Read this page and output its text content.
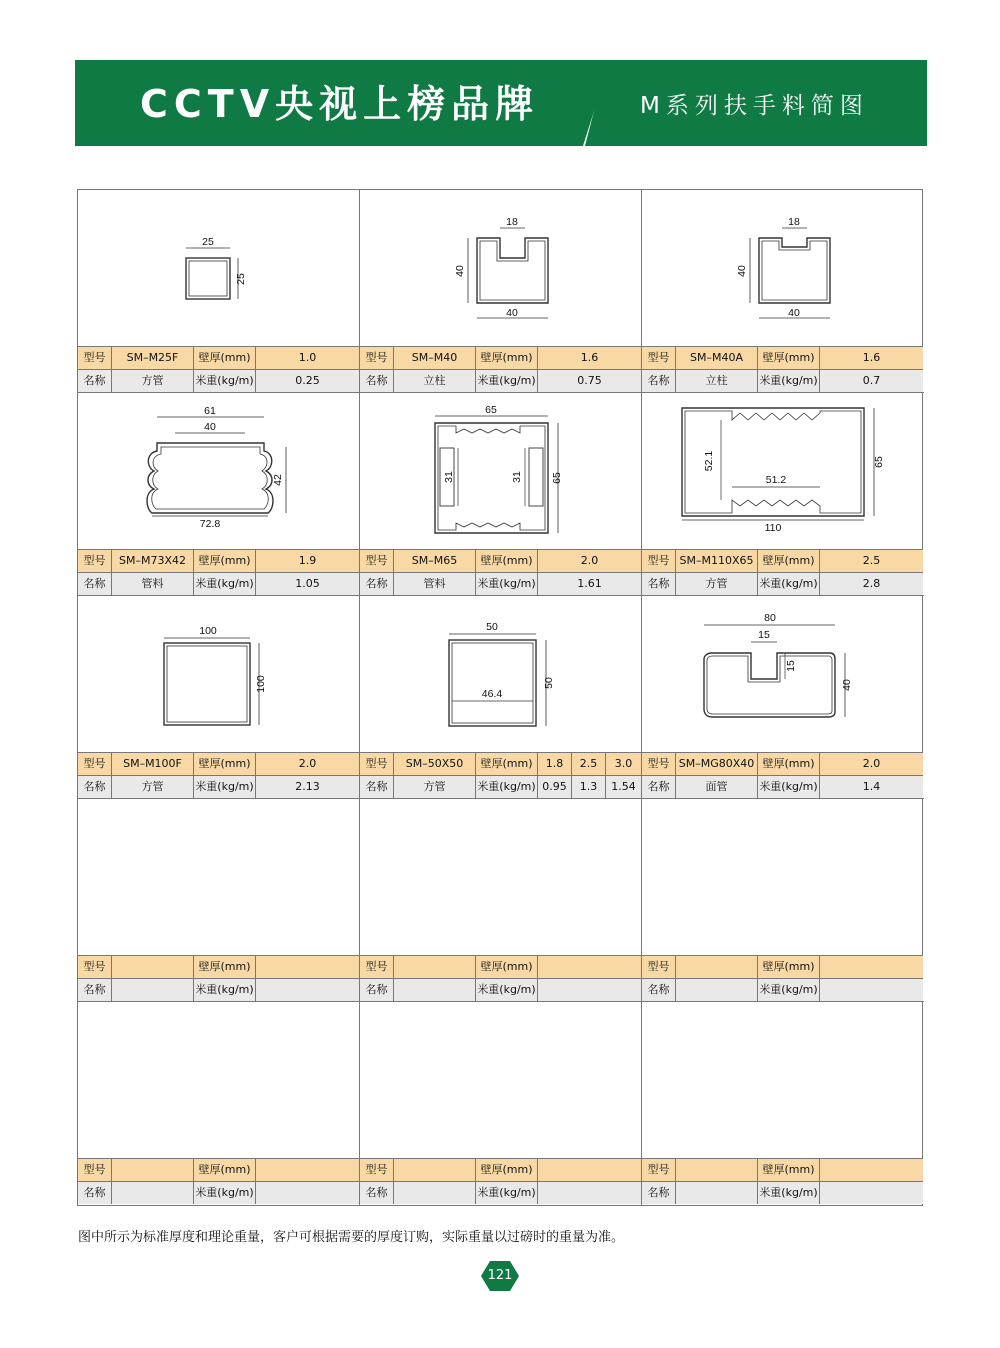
CCTV央视上榜品牌	M系列扶手料简图
25
25
型号	SM–M25F	壁厚(mm)	1.0
名称	方管	米重(kg/m)	0.25
18
40
40
型号	SM–M40	壁厚(mm)	1.6
名称	立柱	米重(kg/m)	0.75
18
40
40
型号	SM–M40A	壁厚(mm)	1.6
名称	立柱	米重(kg/m)	0.7
61
40
42
72.8
型号	SM–M73X42	壁厚(mm)	1.9
名称	管料	米重(kg/m)	1.05
65
31	31	65
型号	SM–M65	壁厚(mm)	2.0
名称	管料	米重(kg/m)	1.61
52.1
51.2
65
110
型号 SM–M110X65 壁厚(mm)	2.5
名称	方管	米重(kg/m)	2.8
100
100
型号	SM–M100F	壁厚(mm)	2.0
名称	方管	米重(kg/m)	2.13
50
46.4
50
型号	SM–50X50	壁厚(mm)	1.8	2.5	3.0
名称	方管	米重(kg/m) 0.95	1.3	1.54
80
15
15
40
型号 SM–MG80X40 壁厚(mm)	2.0
名称	面管	米重(kg/m)	1.4
型号	壁厚(mm)
名称	米重(kg/m)
型号	壁厚(mm)
名称	米重(kg/m)
型号	壁厚(mm)
名称	米重(kg/m)
型号	壁厚(mm)
名称	米重(kg/m)
型号	壁厚(mm)
名称	米重(kg/m)
型号	壁厚(mm)
名称	米重(kg/m)
图中所示为标准厚度和理论重量，客户可根据需要的厚度订购，实际重量以过磅时的重量为准。
121
